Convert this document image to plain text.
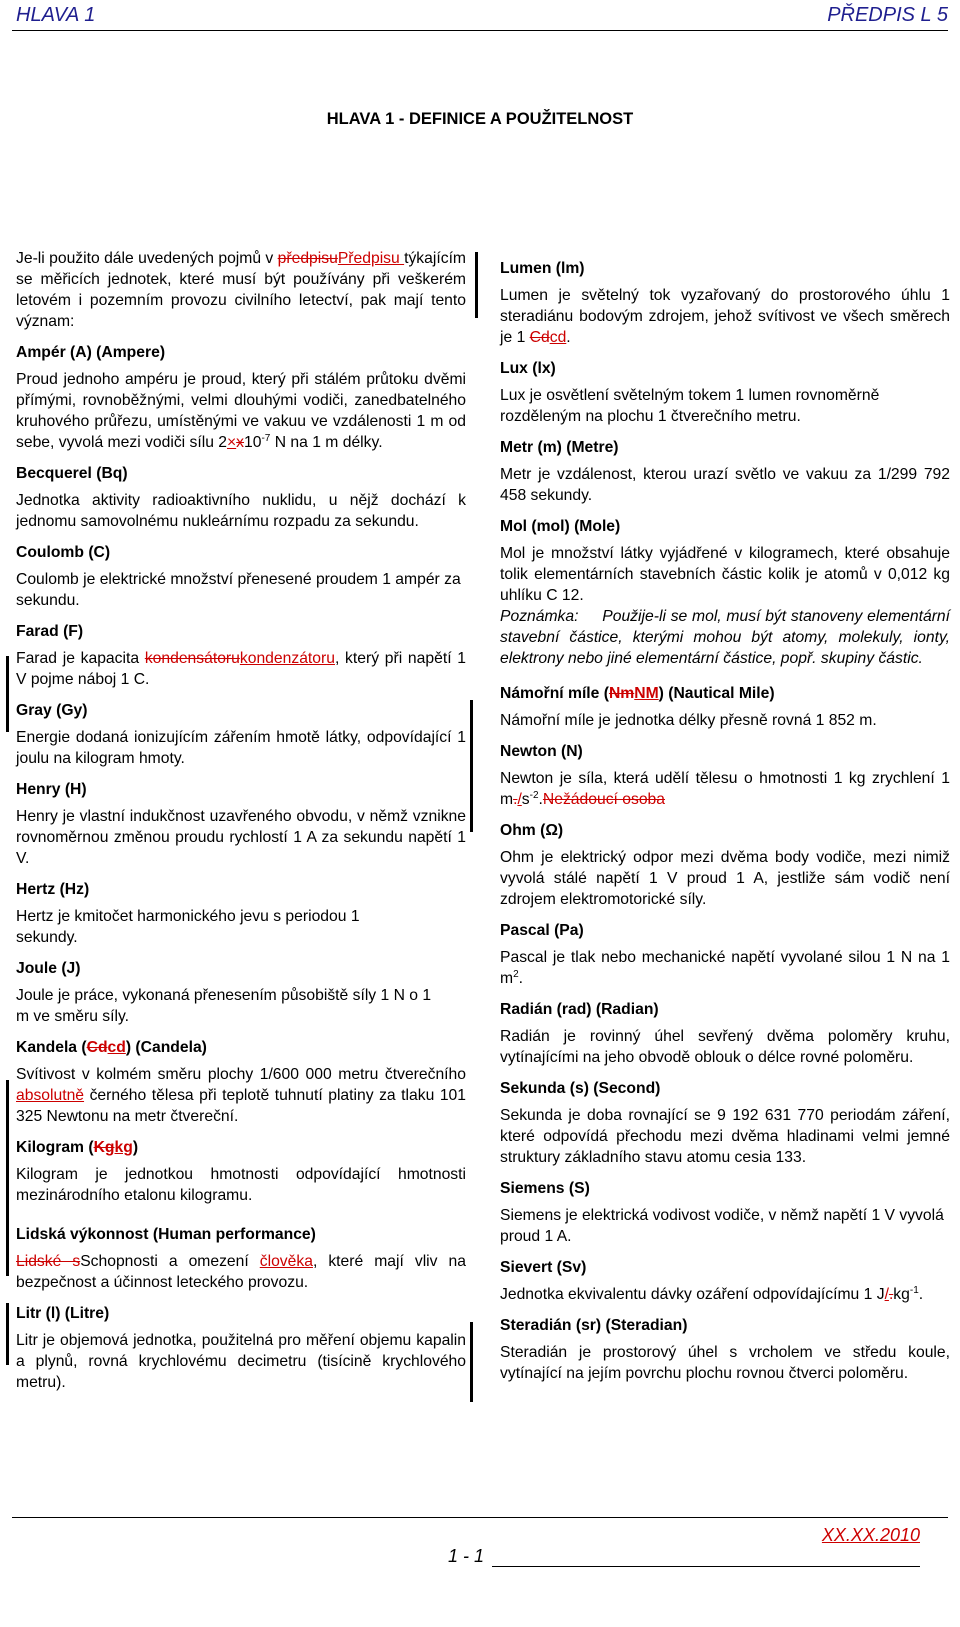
HLAVA 1	PŘEDPIS L 5
HLAVA 1 - DEFINICE A POUŽITELNOST

Je-li použito dále uvedených pojmů v předpisuPředpisu týkajícím se měřicích jednotek, které musí být používány při veškerém letovém i pozemním provozu civilního letectví, pak mají tento význam:

Ampér (A) (Ampere)

Proud jednoho ampéru je proud, který při stálém průtoku dvěmi přímými, rovnoběžnými, velmi dlouhými vodiči, zanedbatelného kruhového průřezu, umístěnými ve vakuu ve vzdálenosti 1 m od sebe, vyvolá mezi vodiči sílu $2\times x10^{-7}$ N na 1 m délky.

Becquerel (Bq)

Jednotka aktivity radioaktivního nuklidu, u nějž dochází k jednomu samovolnému nukleárnímu rozpadu za sekundu.

Coulomb (C)

Coulomb je elektrické množství přenesené proudem 1 ampér za sekundu.

Farad (F)

Farad je kapacita kondensátorukondenzátoru, který při napětí 1 V pojme náboj 1 C.

Gray (Gy)

Energie dodaná ionizujícím zářením hmotě látky, odpovídající 1 joulu na kilogram hmoty.

Henry (H)

Henry je vlastní indukčnost uzavřeného obvodu, v němž vznikne rovnoměrnou změnou proudu rychlostí 1 A za sekundu napětí 1 V.

Hertz (Hz)

Hertz je kmitočet harmonického jevu s periodou 1 sekundy.

Joule (J)

Joule je práce, vykonaná přenesením působiště síly 1 N o 1 m ve směru síly.

Kandela (Cdcd) (Candela)

Svítivost v kolmém směru plochy 1/600 000 metru čtverečního absolutně černého tělesa při teplotě tuhnutí platiny za tlaku 101 325 Newtonu na metr čtvereční.

Kilogram (Kgkg)

Kilogram je jednotkou hmotnosti odpovídající hmotnosti mezinárodního etalonu kilogramu.

Lidská výkonnost (Human performance)

Lidské sSchopnosti a omezení člověka, které mají vliv na bezpečnost a účinnost leteckého provozu.

Litr (l) (Litre)

Litr je objemová jednotka, použitelná pro měření objemu kapalin a plynů, rovná krychlovému decimetru (tisícině krychlového metru).

Lumen (lm)

Lumen je světelný tok vyzařovaný do prostorového úhlu 1 steradiánu bodovým zdrojem, jehož svítivost ve všech směrech je 1 Cdcd.

Lux (lx)

Lux je osvětlení světelným tokem 1 lumen rovnoměrně rozděleným na plochu 1 čtverečního metru.

Metr (m) (Metre)

Metr je vzdálenost, kterou urazí světlo ve vakuu za 1/299 792 458 sekundy.

Mol (mol) (Mole)

Mol je množství látky vyjádřené v kilogramech, které obsahuje tolik elementárních stavebních částic kolik je atomů v 0,012 kg uhlíku C 12.

Poznámka:     Použije-li se mol, musí být stanoveny elementární stavební částice, kterými mohou být atomy, molekuly, ionty, elektrony nebo jiné elementární částice, popř. skupiny částic.

Námořní míle (NmNM) (Nautical Mile)

Námořní míle je jednotka délky přesně rovná 1 852 m.

Newton (N)

Newton je síla, která udělí tělesu o hmotnosti 1 kg zrychlení 1 $m./s^{-2}.Nežádoucí$ osoba

Ohm (Ω)

Ohm je elektrický odpor mezi dvěma body vodiče, mezi nimiž vyvolá stálé napětí 1 V proud 1 A, jestliže sám vodič není zdrojem elektromotorické síly.

Pascal (Pa)

Pascal je tlak nebo mechanické napětí vyvolané silou 1 N na 1 $m^2$.

Radián (rad) (Radian)

Radián je rovinný úhel sevřený dvěma poloměry kruhu, vytínajícími na jeho obvodě oblouk o délce rovné poloměru.

Sekunda (s) (Second)

Sekunda je doba rovnající se 9 192 631 770 periodám záření, které odpovídá přechodu mezi dvěma hladinami velmi jemné struktury základního stavu atomu cesia 133.

Siemens (S)

Siemens je elektrická vodivost vodiče, v němž napětí 1 V vyvolá proud 1 A.

Sievert (Sv)

Jednotka ekvivalentu dávky ozáření odpovídajícímu 1 $J/.kg^{-1}$.

Steradián (sr) (Steradian)

Steradián je prostorový úhel s vrcholem ve středu koule, vytínající na jejím povrchu plochu rovnou čtverci poloměru.

XX.XX.2010
1 - 1
